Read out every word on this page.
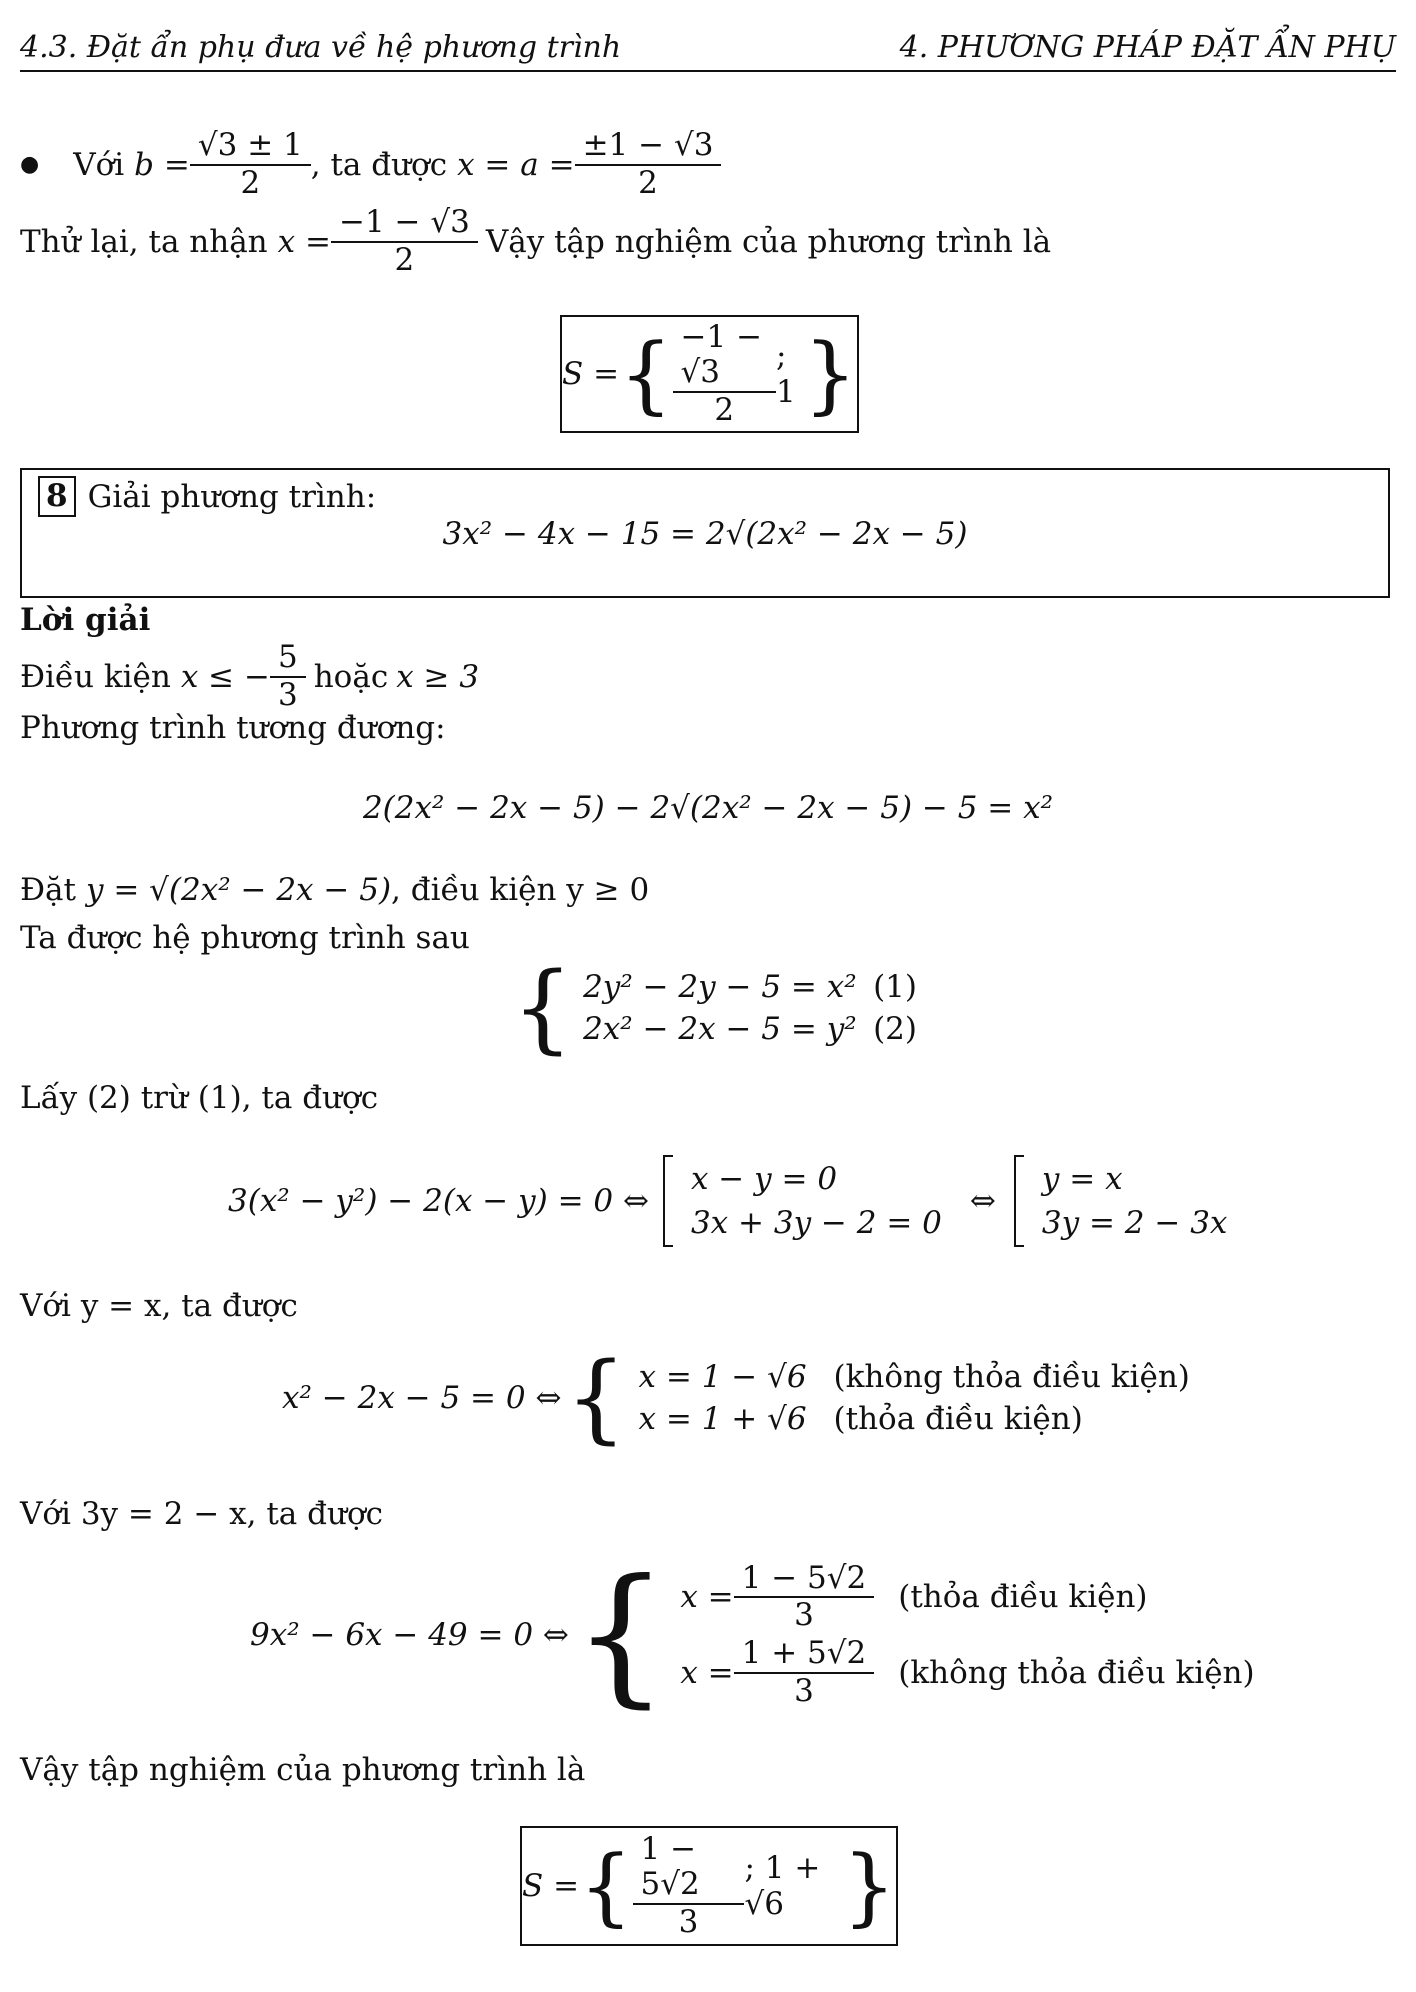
4.3. Đặt ẩn phụ đưa về hệ phương trình	4. PHƯƠNG PHÁP ĐẶT ẨN PHỤ
● Với $b = \frac{√3 \pm 1}{2}$ , ta được $x = a = \frac{\pm 1 - √3}{2}$
Thử lại, ta nhận $x = \frac{-1 - √3}{2}$ Vậy tập nghiệm của phương trình là
S = { $\frac{-1 - √3}{2}$ ; 1 }
8 Giải phương trình:
3x² − 4x − 15 = 2√(2x² − 2x − 5)
Lời giải
Điều kiện x ≤ − $\frac{5}{3}$ hoặc x ≥ 3
Phương trình tương đương:
2(2x² − 2x − 5) − 2√(2x² − 2x − 5) − 5 = x²
Đặt y = √(2x² − 2x − 5) , điều kiện y ≥ 0
Ta được hệ phương trình sau
{ 2y² − 2y − 5 = x² (1)
2x² − 2x − 5 = y² (2)
Lấy (2) trừ (1), ta được
3(x² − y²) − 2(x − y) = 0 ⇔
x − y = 0
3x + 3y − 2 = 0
⇔
y = x
3y = 2 − 3x
Với y = x, ta được
x² − 2x − 5 = 0 ⇔ { x = 1 − √6 (không thỏa điều kiện)
x = 1 + √6 (thỏa điều kiện)
Với 3y = 2 − x, ta được
9x² − 6x − 49 = 0 ⇔ { $x = \frac{1 - 5√2}{3}$ (thỏa điều kiện)
$x = \frac{1 + 5√2}{3}$ (không thỏa điều kiện)
Vậy tập nghiệm của phương trình là
S = { $\frac{1 - 5√2}{3}$ ; 1 + √6 }
